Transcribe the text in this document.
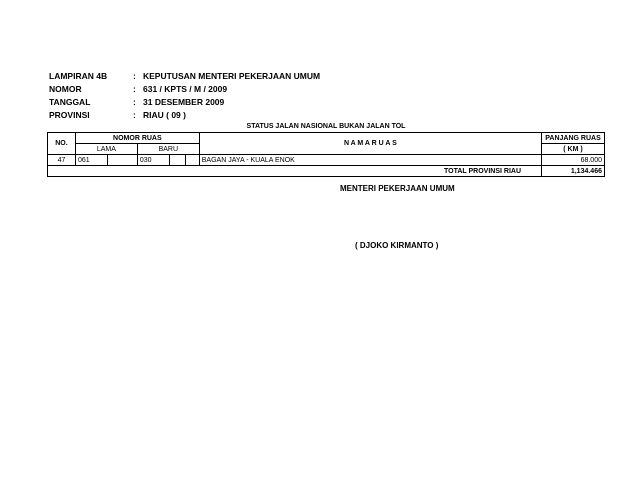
LAMPIRAN 4B	: KEPUTUSAN MENTERI PEKERJAAN UMUM
NOMOR	: 631 / KPTS / M / 2009
TANGGAL	: 31 DESEMBER 2009
PROVINSI	: RIAU ( 09 )
STATUS JALAN NASIONAL BUKAN JALAN TOL
NO.	NOMOR RUAS					N A M A R U A S	PANJANG RUAS
	LAMA		BARU				( KM )
47	061		030			BAGAN JAYA - KUALA ENOK	68.000
						TOTAL PROVINSI RIAU	1,134.466
MENTERI PEKERJAAN UMUM
( DJOKO KIRMANTO )
